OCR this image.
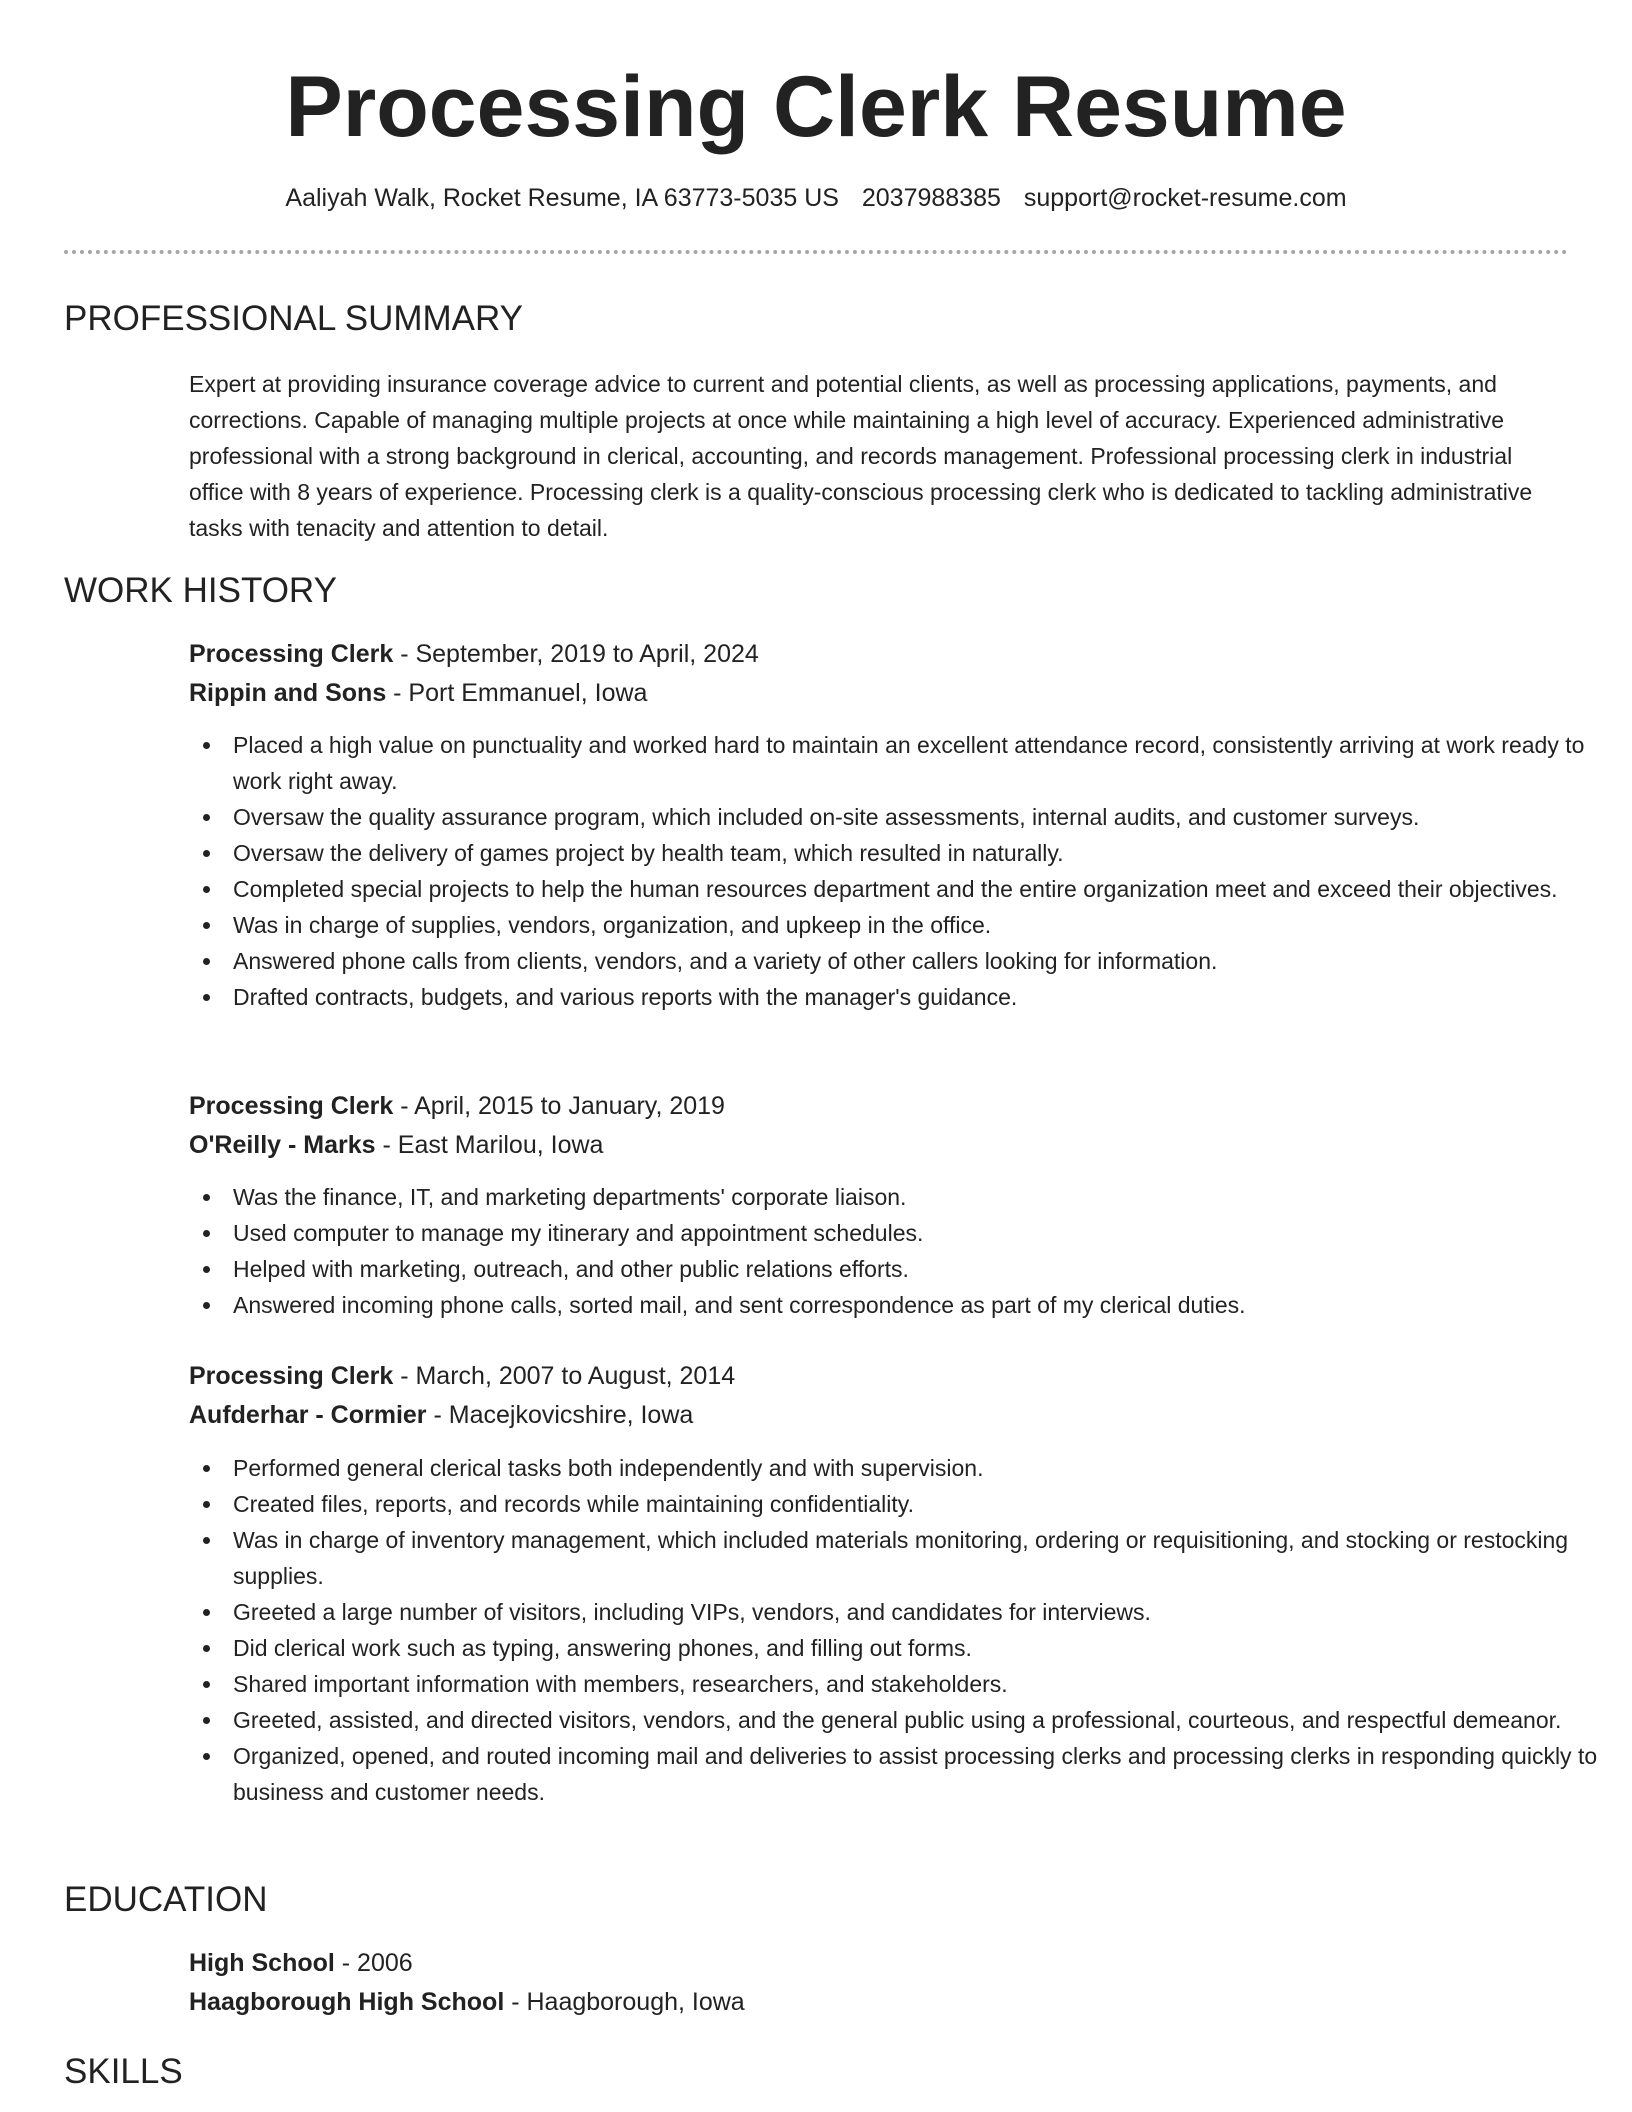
Processing Clerk Resume
Aaliyah Walk, Rocket Resume, IA 63773-5035 US 2037988385 support@rocket-resume.com
PROFESSIONAL SUMMARY

Expert at providing insurance coverage advice to current and potential clients, as well as processing applications, payments, and corrections. Capable of managing multiple projects at once while maintaining a high level of accuracy. Experienced administrative professional with a strong background in clerical, accounting, and records management. Professional processing clerk in industrial office with 8 years of experience. Processing clerk is a quality-conscious processing clerk who is dedicated to tackling administrative tasks with tenacity and attention to detail.

WORK HISTORY
Processing Clerk - September, 2019 to April, 2024
Rippin and Sons - Port Emmanuel, Iowa
Placed a high value on punctuality and worked hard to maintain an excellent attendance record, consistently arriving at work ready to work right away.
Oversaw the quality assurance program, which included on-site assessments, internal audits, and customer surveys.
Oversaw the delivery of games project by health team, which resulted in naturally.
Completed special projects to help the human resources department and the entire organization meet and exceed their objectives.
Was in charge of supplies, vendors, organization, and upkeep in the office.
Answered phone calls from clients, vendors, and a variety of other callers looking for information.
Drafted contracts, budgets, and various reports with the manager's guidance.
Processing Clerk - April, 2015 to January, 2019
O'Reilly - Marks - East Marilou, Iowa
Was the finance, IT, and marketing departments' corporate liaison.
Used computer to manage my itinerary and appointment schedules.
Helped with marketing, outreach, and other public relations efforts.
Answered incoming phone calls, sorted mail, and sent correspondence as part of my clerical duties.
Processing Clerk - March, 2007 to August, 2014
Aufderhar - Cormier - Macejkovicshire, Iowa
Performed general clerical tasks both independently and with supervision.
Created files, reports, and records while maintaining confidentiality.
Was in charge of inventory management, which included materials monitoring, ordering or requisitioning, and stocking or restocking supplies.
Greeted a large number of visitors, including VIPs, vendors, and candidates for interviews.
Did clerical work such as typing, answering phones, and filling out forms.
Shared important information with members, researchers, and stakeholders.
Greeted, assisted, and directed visitors, vendors, and the general public using a professional, courteous, and respectful demeanor.
Organized, opened, and routed incoming mail and deliveries to assist processing clerks and processing clerks in responding quickly to business and customer needs.
EDUCATION
High School - 2006
Haagborough High School - Haagborough, Iowa
SKILLS
